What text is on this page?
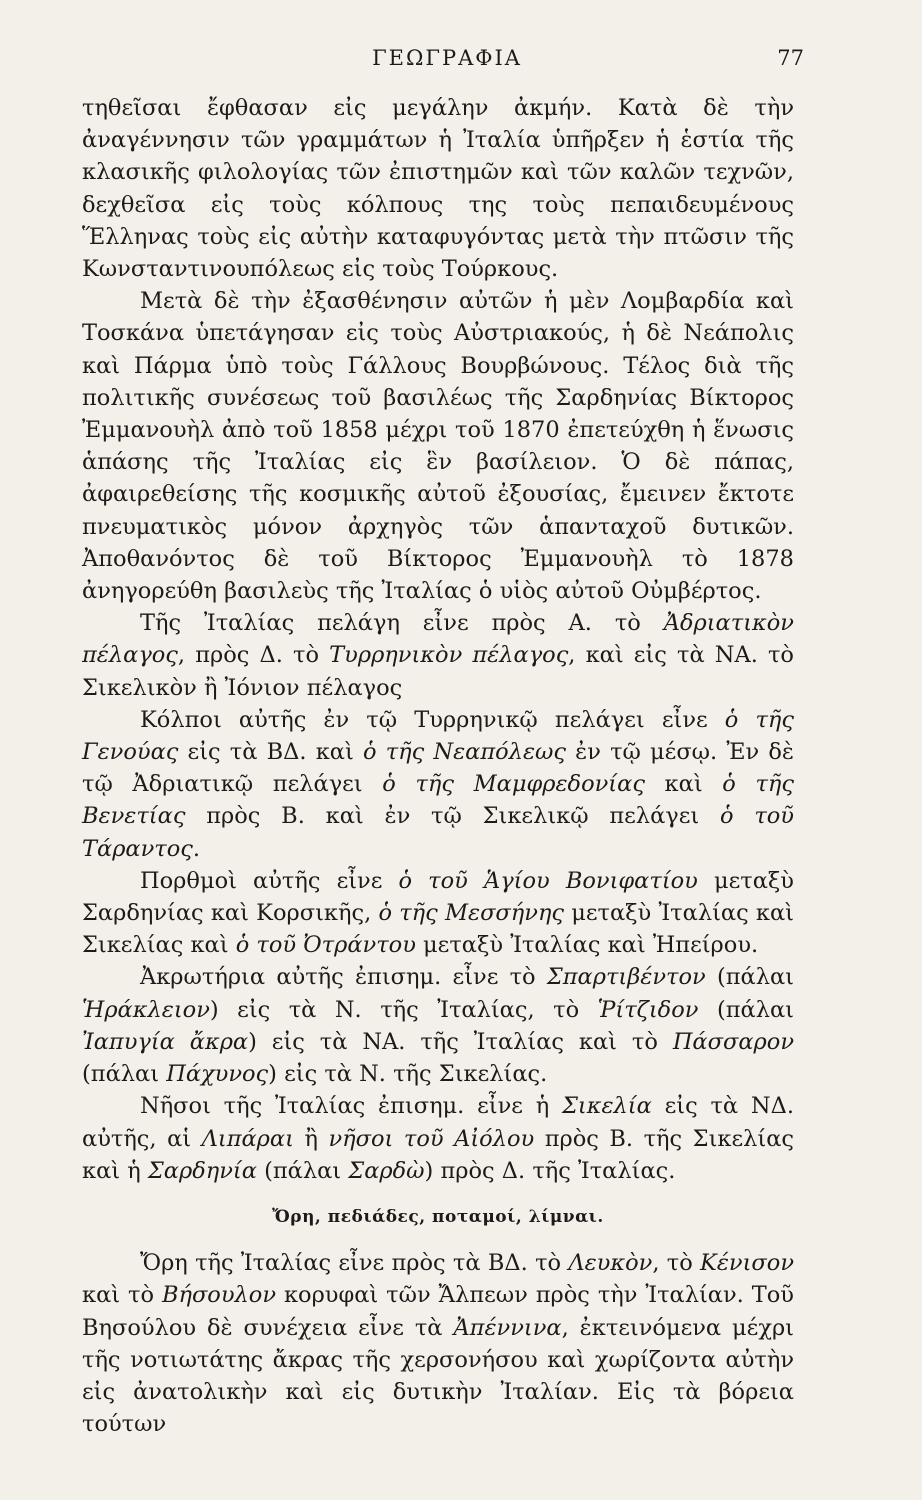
ΓΕΩΓΡΑΦΙΑ	77

τηθεῖσαι ἔφθασαν εἰς μεγάλην ἀκμήν. Κατὰ δὲ τὴν ἀναγέννησιν τῶν γραμμάτων ἡ Ἰταλία ὑπῆρξεν ἡ ἑστία τῆς κλασικῆς φιλολογίας τῶν ἐπιστημῶν καὶ τῶν καλῶν τεχνῶν, δεχθεῖσα εἰς τοὺς κόλπους της τοὺς πεπαιδευμένους Ἕλληνας τοὺς εἰς αὐτὴν καταφυγόντας μετὰ τὴν πτῶσιν τῆς Κωνσταντινουπόλεως εἰς τοὺς Τούρκους.

Μετὰ δὲ τὴν ἐξασθένησιν αὐτῶν ἡ μὲν Λομβαρδία καὶ Τοσκάνα ὑπετάγησαν εἰς τοὺς Αὐστριακούς, ἡ δὲ Νεάπολις καὶ Πάρμα ὑπὸ τοὺς Γάλλους Βουρβώνους. Τέλος διὰ τῆς πολιτικῆς συνέσεως τοῦ βασιλέως τῆς Σαρδηνίας Βίκτορος Ἐμμανουὴλ ἀπὸ τοῦ 1858 μέχρι τοῦ 1870 ἐπετεύχθη ἡ ἕνωσις ἁπάσης τῆς Ἰταλίας εἰς ἓν βασίλειον. Ὁ δὲ πάπας, ἀφαιρεθείσης τῆς κοσμικῆς αὐτοῦ ἐξουσίας, ἔμεινεν ἔκτοτε πνευματικὸς μόνον ἀρχηγὸς τῶν ἁπανταχοῦ δυτικῶν. Ἀποθανόντος δὲ τοῦ Βίκτορος Ἐμμανουὴλ τὸ 1878 ἀνηγορεύθη βασιλεὺς τῆς Ἰταλίας ὁ υἱὸς αὐτοῦ Οὐμβέρτος.

Τῆς Ἰταλίας πελάγη εἶνε πρὸς Α. τὸ Ἀδριατικὸν πέλαγος, πρὸς Δ. τὸ Τυρρηνικὸν πέλαγος, καὶ εἰς τὰ ΝΑ. τὸ Σικελικὸν ἢ Ἰόνιον πέλαγος

Κόλποι αὐτῆς ἐν τῷ Τυρρηνικῷ πελάγει εἶνε ὁ τῆς Γενούας εἰς τὰ ΒΔ. καὶ ὁ τῆς Νεαπόλεως ἐν τῷ μέσῳ. Ἐν δὲ τῷ Ἀδριατικῷ πελάγει ὁ τῆς Μαμφρεδονίας καὶ ὁ τῆς Βενετίας πρὸς Β. καὶ ἐν τῷ Σικελικῷ πελάγει ὁ τοῦ Τάραντος.

Πορθμοὶ αὐτῆς εἶνε ὁ τοῦ Ἁγίου Βονιφατίου μεταξὺ Σαρδηνίας καὶ Κορσικῆς, ὁ τῆς Μεσσήνης μεταξὺ Ἰταλίας καὶ Σικελίας καὶ ὁ τοῦ Ὀτράντου μεταξὺ Ἰταλίας καὶ Ἠπείρου.

Ἀκρωτήρια αὐτῆς ἐπισημ. εἶνε τὸ Σπαρτιβέντον (πάλαι Ἡράκλειον) εἰς τὰ Ν. τῆς Ἰταλίας, τὸ Ῥίτζιδον (πάλαι Ἰαπυγία ἄκρα) εἰς τὰ ΝΑ. τῆς Ἰταλίας καὶ τὸ Πάσσαρον (πάλαι Πάχυνος) εἰς τὰ Ν. τῆς Σικελίας.

Νῆσοι τῆς Ἰταλίας ἐπισημ. εἶνε ἡ Σικελία εἰς τὰ ΝΔ. αὐτῆς, αἱ Λιπάραι ἢ νῆσοι τοῦ Αἰόλου πρὸς Β. τῆς Σικελίας καὶ ἡ Σαρδηνία (πάλαι Σαρδὼ) πρὸς Δ. τῆς Ἰταλίας.

Ὄρη, πεδιάδες, ποταμοί, λίμναι.

Ὄρη τῆς Ἰταλίας εἶνε πρὸς τὰ ΒΔ. τὸ Λευκὸν, τὸ Κένισον καὶ τὸ Βήσουλον κορυφαὶ τῶν Ἄλπεων πρὸς τὴν Ἰταλίαν. Τοῦ Βησούλου δὲ συνέχεια εἶνε τὰ Ἀπέννινα, ἐκτεινόμενα μέχρι τῆς νοτιωτάτης ἄκρας τῆς χερσονήσου καὶ χωρίζοντα αὐτὴν εἰς ἀνατολικὴν καὶ εἰς δυτικὴν Ἰταλίαν. Εἰς τὰ βόρεια τούτων
